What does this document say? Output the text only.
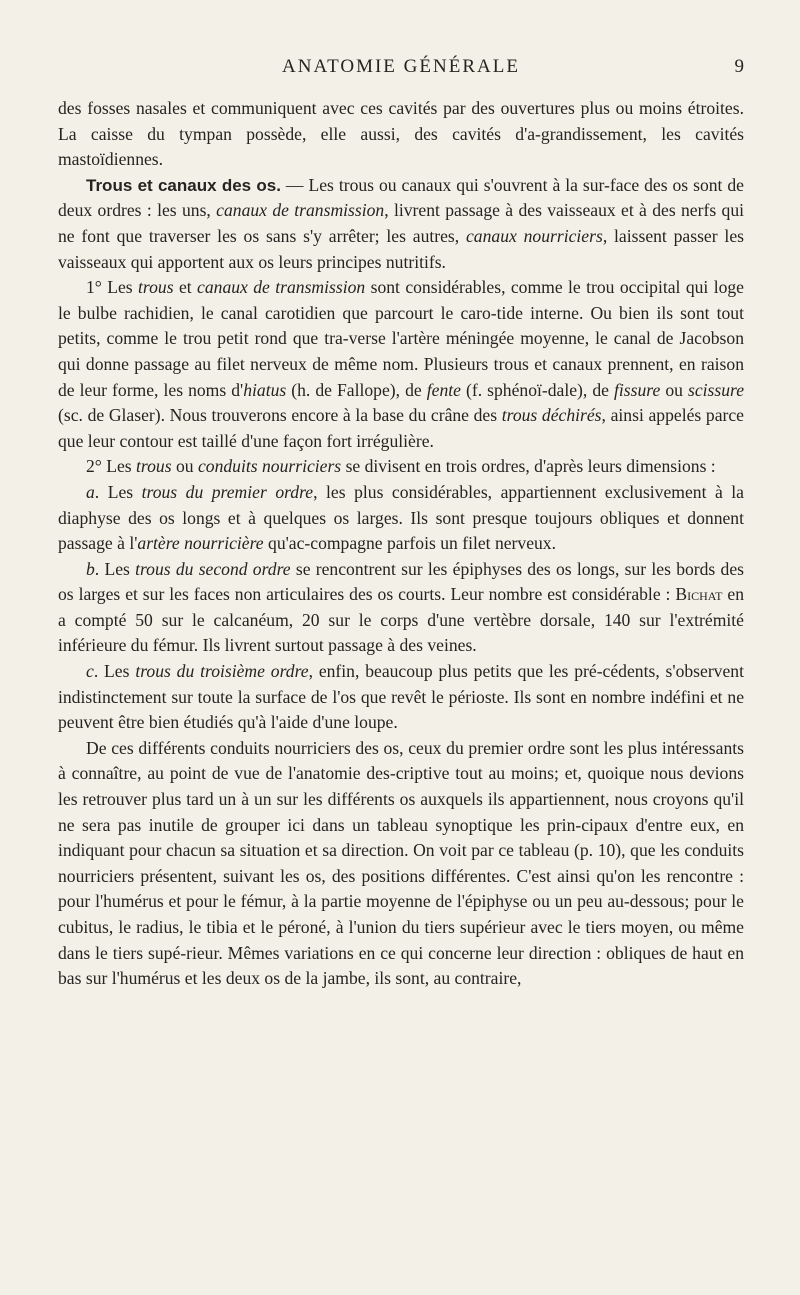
ANATOMIE GÉNÉRALE	9

des fosses nasales et communiquent avec ces cavités par des ouvertures plus ou moins étroites. La caisse du tympan possède, elle aussi, des cavités d'a-grandissement, les cavités mastoïdiennes.

Trous et canaux des os. — Les trous ou canaux qui s'ouvrent à la sur-face des os sont de deux ordres : les uns, canaux de transmission, livrent passage à des vaisseaux et à des nerfs qui ne font que traverser les os sans s'y arrêter; les autres, canaux nourriciers, laissent passer les vaisseaux qui apportent aux os leurs principes nutritifs.

1° Les trous et canaux de transmission sont considérables, comme le trou occipital qui loge le bulbe rachidien, le canal carotidien que parcourt le caro-tide interne. Ou bien ils sont tout petits, comme le trou petit rond que tra-verse l'artère méningée moyenne, le canal de Jacobson qui donne passage au filet nerveux de même nom. Plusieurs trous et canaux prennent, en raison de leur forme, les noms d'hiatus (h. de Fallope), de fente (f. sphénoï-dale), de fissure ou scissure (sc. de Glaser). Nous trouverons encore à la base du crâne des trous déchirés, ainsi appelés parce que leur contour est taillé d'une façon fort irrégulière.

2° Les trous ou conduits nourriciers se divisent en trois ordres, d'après leurs dimensions :

a. Les trous du premier ordre, les plus considérables, appartiennent exclusivement à la diaphyse des os longs et à quelques os larges. Ils sont presque toujours obliques et donnent passage à l'artère nourricière qu'ac-compagne parfois un filet nerveux.

b. Les trous du second ordre se rencontrent sur les épiphyses des os longs, sur les bords des os larges et sur les faces non articulaires des os courts. Leur nombre est considérable : Bichat en a compté 50 sur le calcanéum, 20 sur le corps d'une vertèbre dorsale, 140 sur l'extrémité inférieure du fémur. Ils livrent surtout passage à des veines.

c. Les trous du troisième ordre, enfin, beaucoup plus petits que les pré-cédents, s'observent indistinctement sur toute la surface de l'os que revêt le périoste. Ils sont en nombre indéfini et ne peuvent être bien étudiés qu'à l'aide d'une loupe.

De ces différents conduits nourriciers des os, ceux du premier ordre sont les plus intéressants à connaître, au point de vue de l'anatomie des-criptive tout au moins; et, quoique nous devions les retrouver plus tard un à un sur les différents os auxquels ils appartiennent, nous croyons qu'il ne sera pas inutile de grouper ici dans un tableau synoptique les prin-cipaux d'entre eux, en indiquant pour chacun sa situation et sa direction. On voit par ce tableau (p. 10), que les conduits nourriciers présentent, suivant les os, des positions différentes. C'est ainsi qu'on les rencontre : pour l'humérus et pour le fémur, à la partie moyenne de l'épiphyse ou un peu au-dessous; pour le cubitus, le radius, le tibia et le péroné, à l'union du tiers supérieur avec le tiers moyen, ou même dans le tiers supé-rieur. Mêmes variations en ce qui concerne leur direction : obliques de haut en bas sur l'humérus et les deux os de la jambe, ils sont, au contraire,
